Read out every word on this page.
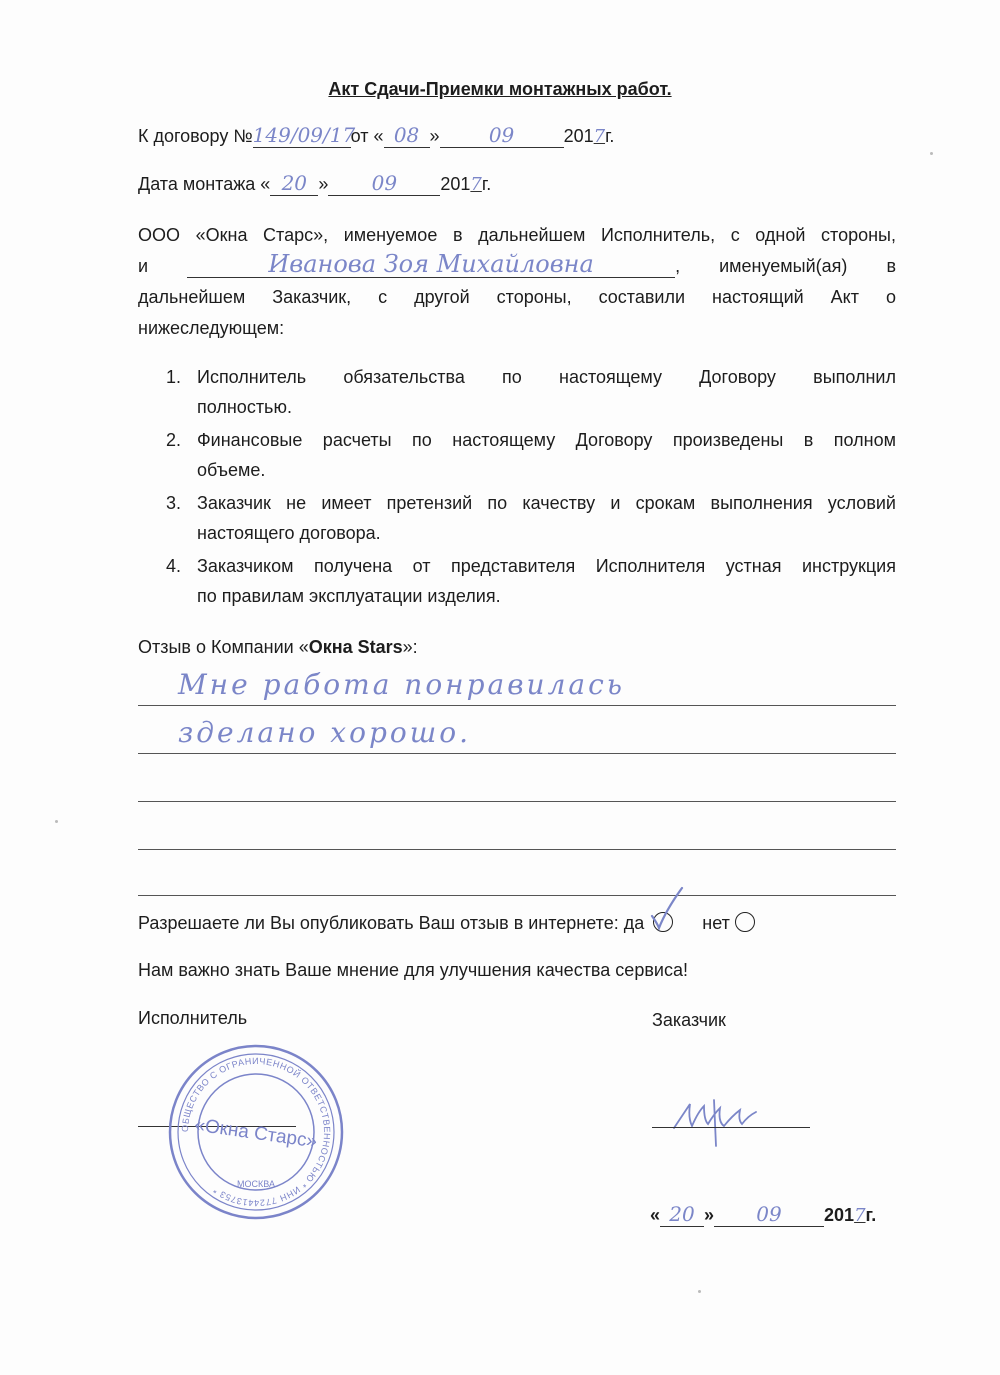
Акт Сдачи-Приемки монтажных работ.
К договору №149/09/17от « 08 » 09	2017г.
Дата монтажа « 20 » 09 2017г.
ООО «Окна Старс», именуемое в дальнейшем Исполнитель, с одной стороны,
и	Иванова Зоя Михайловна	, именуемый(ая) в
дальнейшем Заказчик, с другой стороны, составили настоящий Акт о
нижеследующем:
1. Исполнитель обязательства по настоящему Договору выполнил
полностью.
2. Финансовые расчеты по настоящему Договору произведены в полном
объеме.
3. Заказчик не имеет претензий по качеству и срокам выполнения условий
настоящего договора.
4. Заказчиком получена от представителя Исполнителя устная инструкция
по правилам эксплуатации изделия.
Отзыв о Компании «Окна Stars»:
Мне работа понравилась
зделано хорошо.
Разрешаете ли Вы опубликовать Ваш отзыв в интернете: да	нет
Нам важно знать Ваше мнение для улучшения качества сервиса!
Исполнитель	Заказчик
ОБЩЕСТВО С ОГРАНИЧЕННОЙ ОТВЕТСТВЕННОСТЬЮ * ИНН 7724413753 *
«Окна Старс»
МОСКВА
« 20 » 09 2017г.
